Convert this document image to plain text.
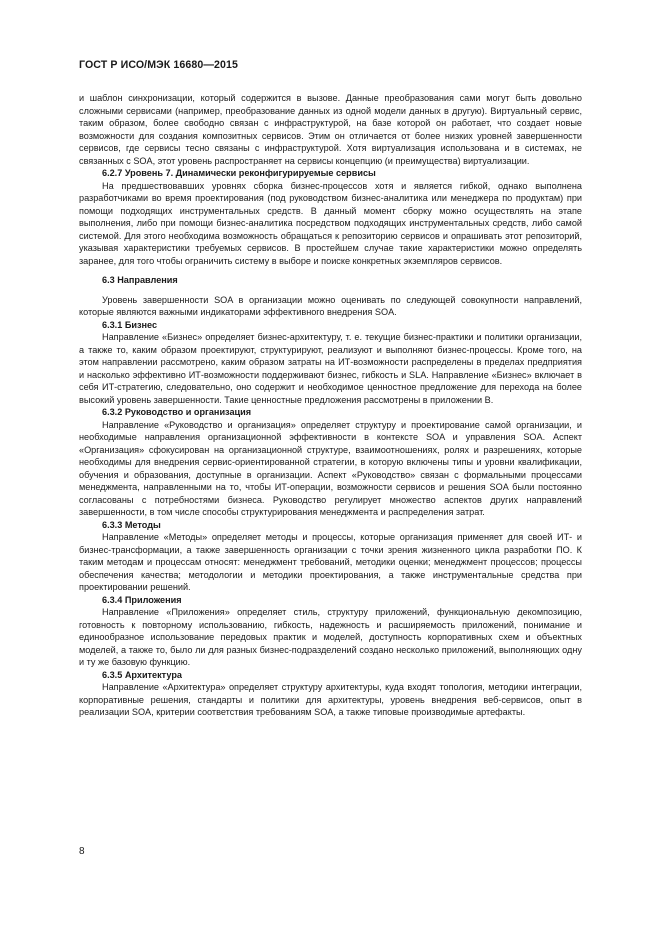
ГОСТ Р ИСО/МЭК 16680—2015

и шаблон синхронизации, который содержится в вызове. Данные преобразования сами могут быть довольно сложными сервисами (например, преобразование данных из одной модели данных в другую). Виртуальный сервис, таким образом, более свободно связан с инфраструктурой, на базе которой он работает, что создает новые возможности для создания композитных сервисов. Этим он отличается от более низких уровней завершенности сервисов, где сервисы тесно связаны с инфраструктурой. Хотя виртуализация использована и в системах, не связанных с SOA, этот уровень распространяет на сервисы концепцию (и преимущества) виртуализации.

6.2.7 Уровень 7. Динамически реконфигурируемые сервисы

На предшествовавших уровнях сборка бизнес-процессов хотя и является гибкой, однако выполнена разработчиками во время проектирования (под руководством бизнес-аналитика или менеджера по продуктам) при помощи подходящих инструментальных средств. В данный момент сборку можно осуществлять на этапе выполнения, либо при помощи бизнес-аналитика посредством подходящих инструментальных средств, либо самой системой. Для этого необходима возможность обращаться к репозиторию сервисов и опрашивать этот репозиторий, указывая характеристики требуемых сервисов. В простейшем случае такие характеристики можно определять заранее, для того чтобы ограничить систему в выборе и поиске конкретных экземпляров сервисов.

6.3 Направления

Уровень завершенности SOA в организации можно оценивать по следующей совокупности направлений, которые являются важными индикаторами эффективного внедрения SOA.

6.3.1 Бизнес

Направление «Бизнес» определяет бизнес-архитектуру, т. е. текущие бизнес-практики и политики организации, а также то, каким образом проектируют, структурируют, реализуют и выполняют бизнес-процессы. Кроме того, на этом направлении рассмотрено, каким образом затраты на ИТ-возможности распределены в пределах предприятия и насколько эффективно ИТ-возможности поддерживают бизнес, гибкость и SLA. Направление «Бизнес» включает в себя ИТ-стратегию, следовательно, оно содержит и необходимое ценностное предложение для перехода на более высокий уровень завершенности. Такие ценностные предложения рассмотрены в приложении В.

6.3.2 Руководство и организация

Направление «Руководство и организация» определяет структуру и проектирование самой организации, и необходимые направления организационной эффективности в контексте SOA и управления SOA. Аспект «Организация» сфокусирован на организационной структуре, взаимоотношениях, ролях и разрешениях, которые необходимы для внедрения сервис-ориентированной стратегии, в которую включены типы и уровни квалификации, обучения и образования, доступные в организации. Аспект «Руководство» связан с формальными процессами менеджмента, направленными на то, чтобы ИТ-операции, возможности сервисов и решения SOA были постоянно согласованы с потребностями бизнеса. Руководство регулирует множество аспектов других направлений завершенности, в том числе способы структурирования менеджмента и распределения затрат.

6.3.3 Методы

Направление «Методы» определяет методы и процессы, которые организация применяет для своей ИТ- и бизнес-трансформации, а также завершенность организации с точки зрения жизненного цикла разработки ПО. К таким методам и процессам относят: менеджмент требований, методики оценки; менеджмент процессов; процессы обеспечения качества; методологии и методики проектирования, а также инструментальные средства при проектировании решений.

6.3.4 Приложения

Направление «Приложения» определяет стиль, структуру приложений, функциональную декомпозицию, готовность к повторному использованию, гибкость, надежность и расширяемость приложений, понимание и единообразное использование передовых практик и моделей, доступность корпоративных схем и объектных моделей, а также то, было ли для разных бизнес-подразделений создано несколько приложений, выполняющих одну и ту же базовую функцию.

6.3.5 Архитектура

Направление «Архитектура» определяет структуру архитектуры, куда входят топология, методики интеграции, корпоративные решения, стандарты и политики для архитектуры, уровень внедрения веб-сервисов, опыт в реализации SOA, критерии соответствия требованиям SOA, а также типовые производимые артефакты.

8
